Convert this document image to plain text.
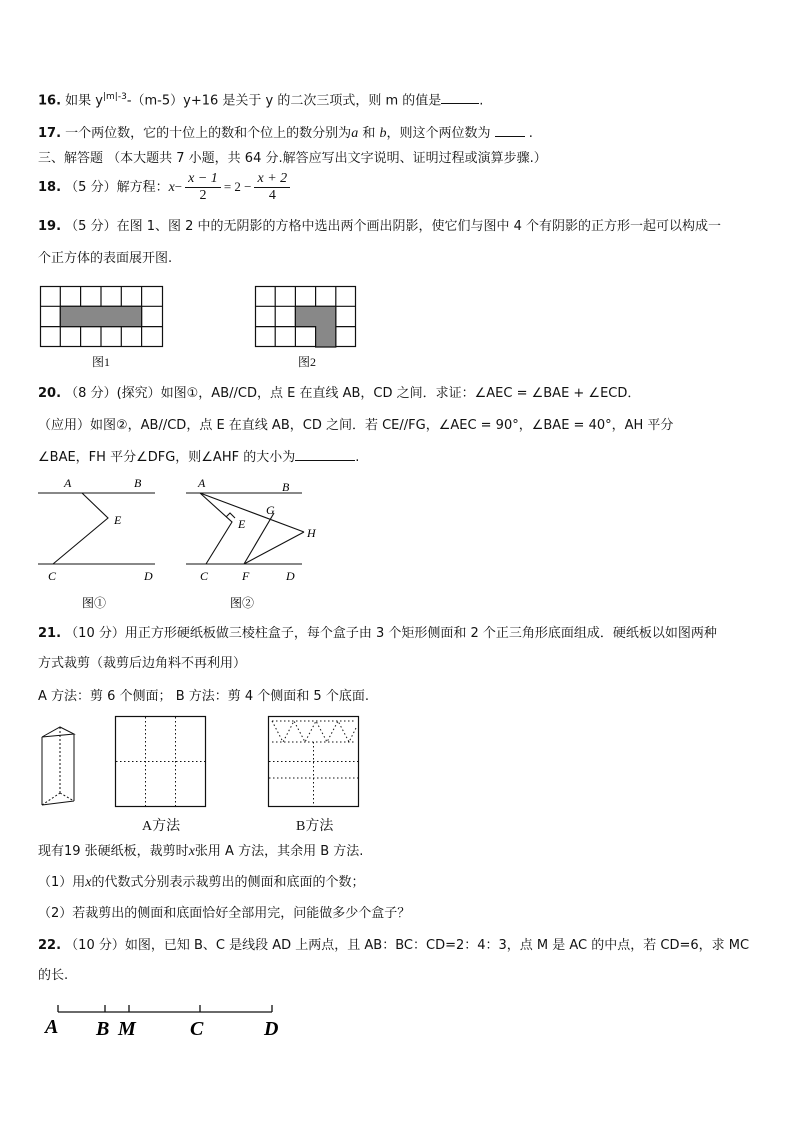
16. 如果 $y^{|m|-3}-(m-5)y+16$ 是关于 y 的二次三项式，则 m 的值是	.
17. 一个两位数，它的十位上的数和个位上的数分别为a 和 b，则这个两位数为	.
三、解答题 （本大题共 7 小题，共 64 分.解答应写出文字说明、证明过程或演算步骤.）
18. （5 分）解方程：$x- \frac{x - 1}{2} = 2 - \frac{x + 2}{4}$
19. （5 分）在图 1、图 2 中的无阴影的方格中选出两个画出阴影，使它们与图中 4 个有阴影的正方形一起可以构成一
个正方体的表面展开图.
图1	图2
20. （8 分）(探究）如图①，AB//CD，点 E 在直线 AB，CD 之间．求证：∠AEC = ∠BAE + ∠ECD．
（应用）如图②，AB//CD，点 E 在直线 AB，CD 之间．若 CE//FG，∠AEC = 90°，∠BAE = 40°，AH 平分
∠BAE，FH 平分∠DFG，则∠AHF 的大小为	.
A	B
E
C	D
图①
A	B
G
E
H
C	F	D
图②
21. （10 分）用正方形硬纸板做三棱柱盒子，每个盒子由 3 个矩形侧面和 2 个正三角形底面组成．硬纸板以如图两种
方式裁剪（裁剪后边角料不再利用）
A 方法：剪 6 个侧面； B 方法：剪 4 个侧面和 5 个底面.
A方法	B方法
现有19 张硬纸板，裁剪时x张用 A 方法，其余用 B 方法.
（1）用x的代数式分别表示裁剪出的侧面和底面的个数；
（2）若裁剪出的侧面和底面恰好全部用完，问能做多少个盒子？
22. （10 分）如图，已知 B、C 是线段 AD 上两点，且 AB：BC：CD=2：4：3，点 M 是 AC 的中点，若 CD=6，求 MC
的长.
A B M	C	D
